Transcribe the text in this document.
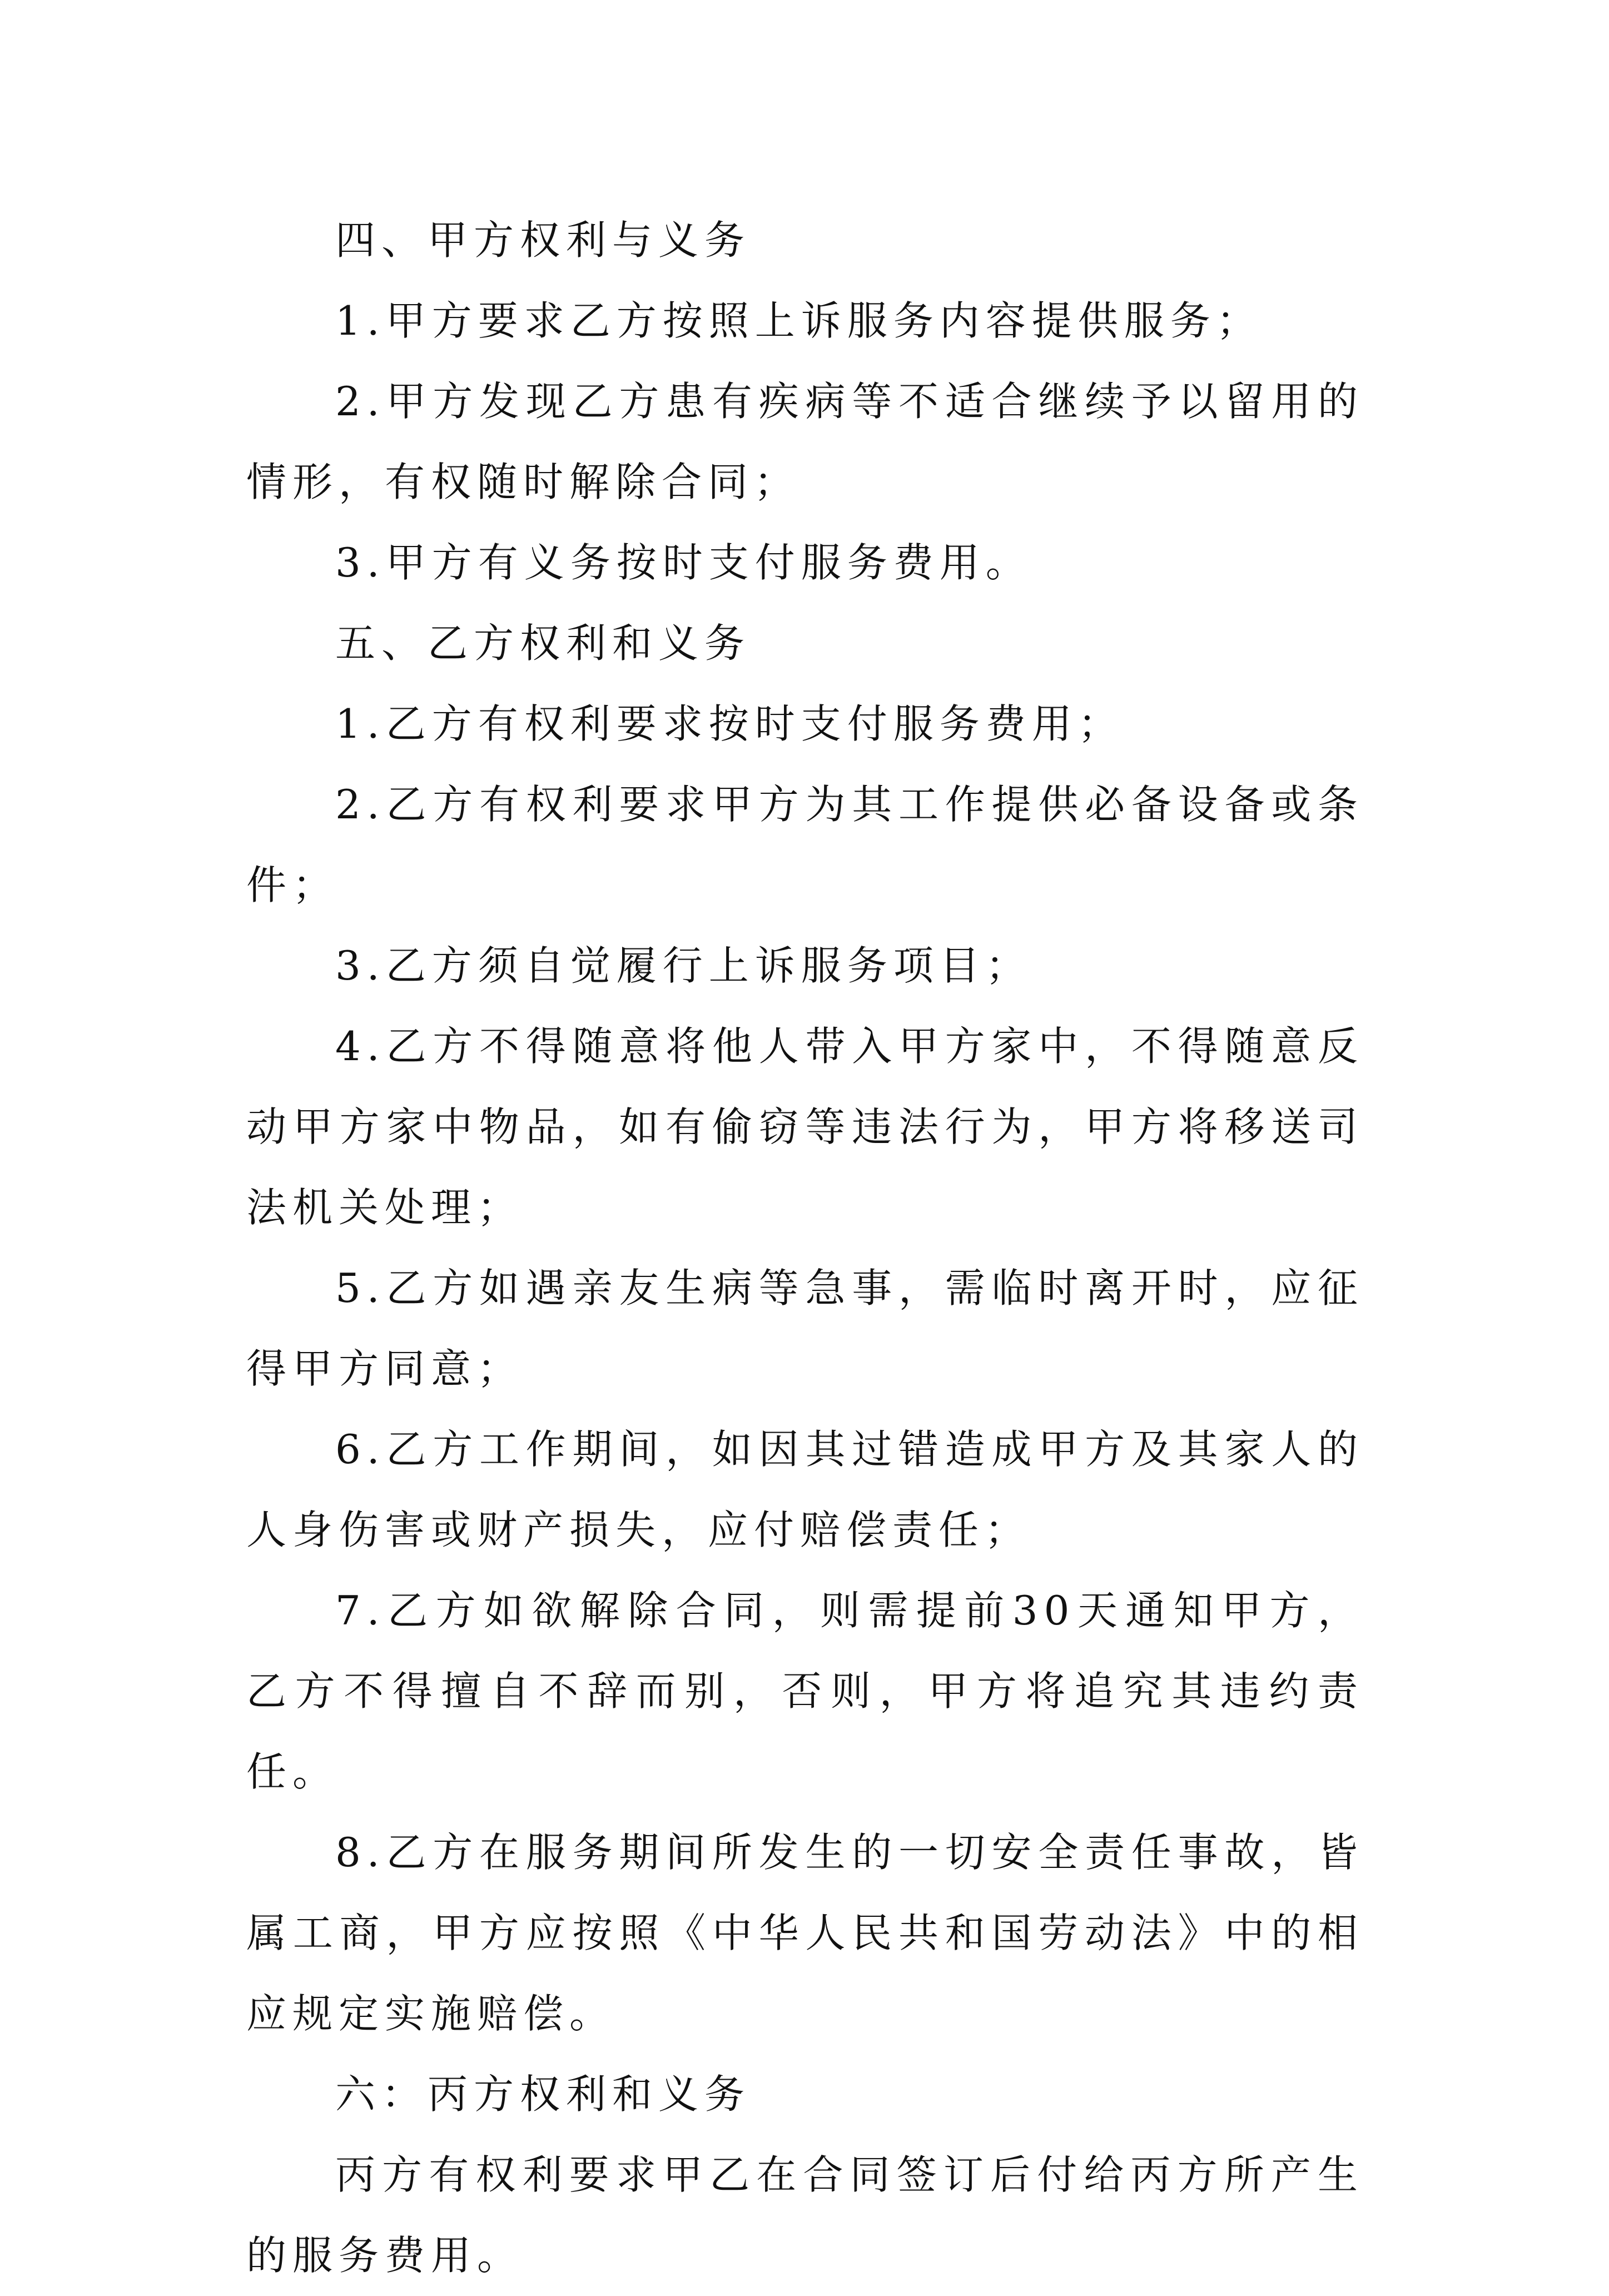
四、甲方权利与义务

1.甲方要求乙方按照上诉服务内容提供服务；

2.甲方发现乙方患有疾病等不适合继续予以留用的情形，有权随时解除合同；

3.甲方有义务按时支付服务费用。

五、乙方权利和义务

1.乙方有权利要求按时支付服务费用；

2.乙方有权利要求甲方为其工作提供必备设备或条件；

3.乙方须自觉履行上诉服务项目；

4.乙方不得随意将他人带入甲方家中，不得随意反动甲方家中物品，如有偷窃等违法行为，甲方将移送司法机关处理；

5.乙方如遇亲友生病等急事，需临时离开时，应征得甲方同意；

6.乙方工作期间，如因其过错造成甲方及其家人的人身伤害或财产损失，应付赔偿责任；

7.乙方如欲解除合同，则需提前30天通知甲方，乙方不得擅自不辞而别，否则，甲方将追究其违约责任。

8.乙方在服务期间所发生的一切安全责任事故，皆属工商，甲方应按照《中华人民共和国劳动法》中的相应规定实施赔偿。

六：丙方权利和义务

丙方有权利要求甲乙在合同签订后付给丙方所产生的服务费用。
